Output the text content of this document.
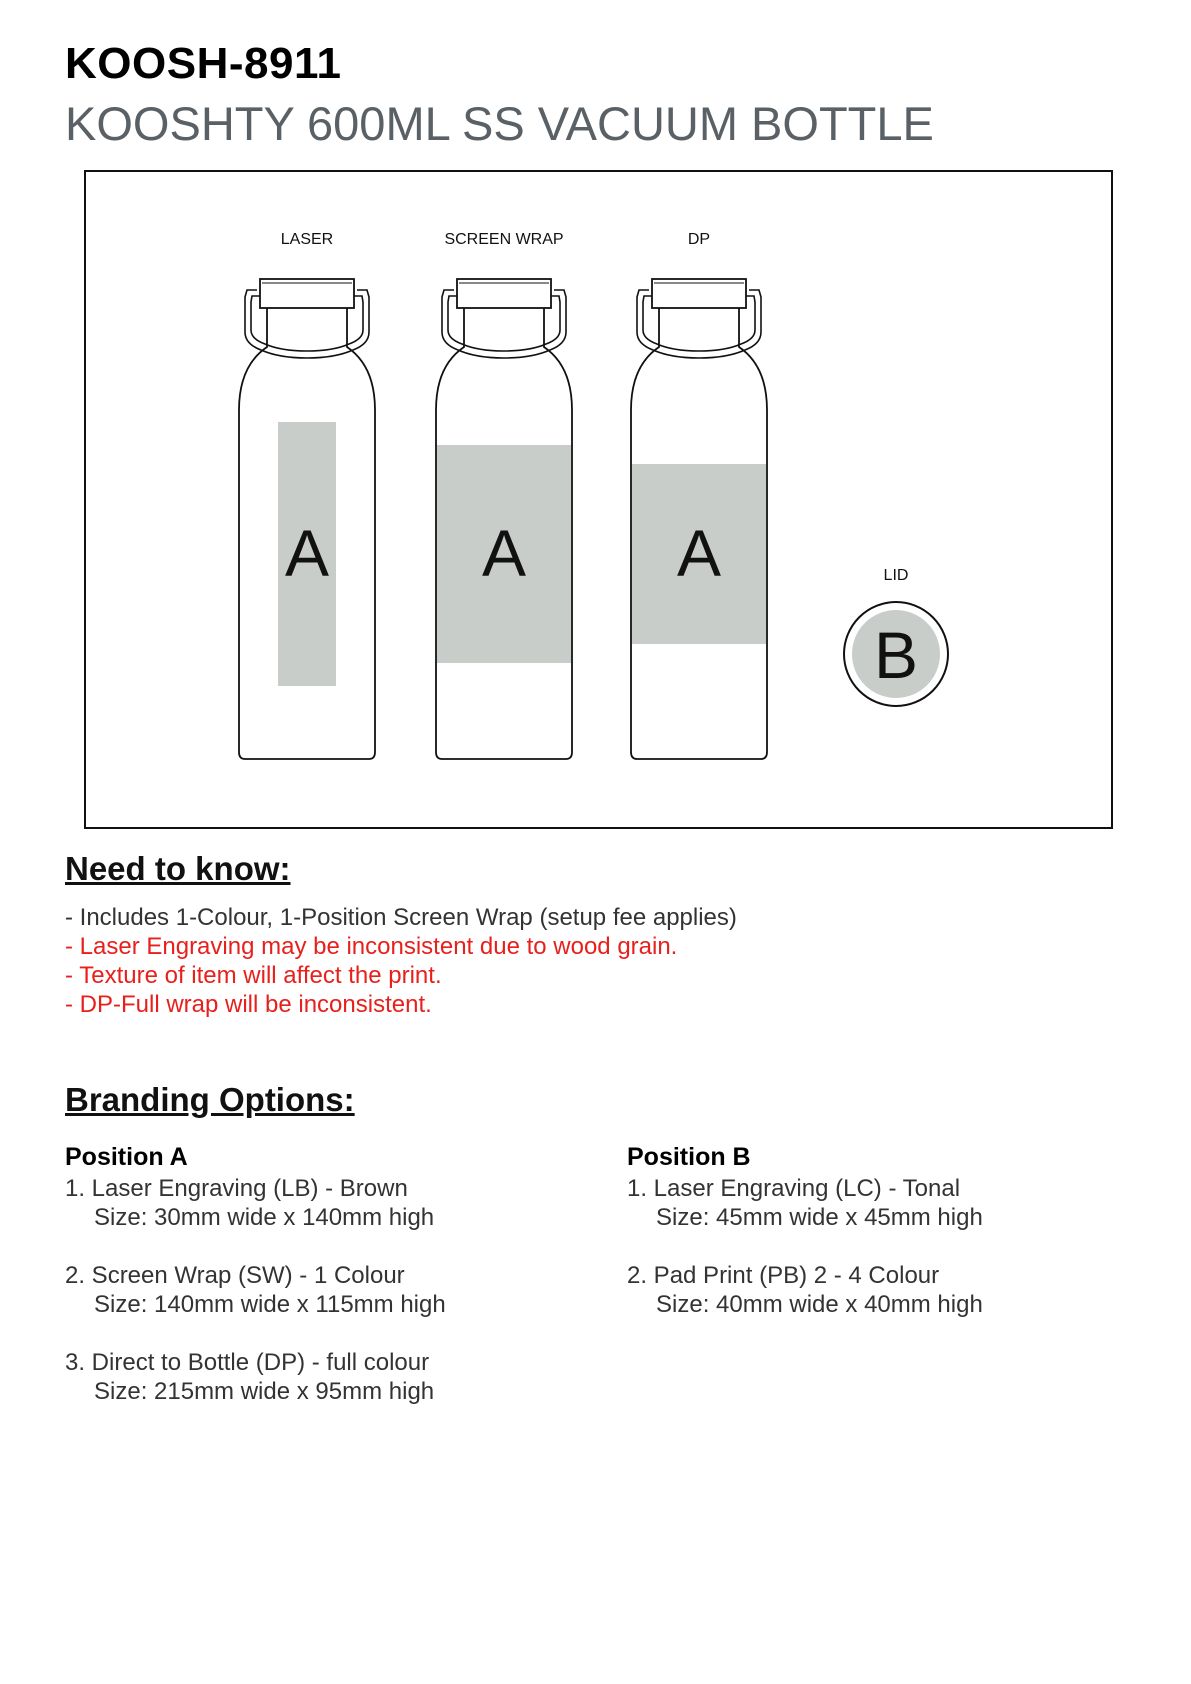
KOOSH-8911
KOOSHTY 600ML SS VACUUM BOTTLE
LASER
A
SCREEN WRAP
A
DP
A	LID
B
Need to know:
- Includes 1-Colour, 1-Position Screen Wrap (setup fee applies)
- Laser Engraving may be inconsistent due to wood grain.
- Texture of item will affect the print.
- DP-Full wrap will be inconsistent.
Branding Options:
Position A
1. Laser Engraving (LB) - Brown
Size: 30mm wide x 140mm high
2. Screen Wrap (SW) - 1 Colour
Size: 140mm wide x 115mm high
3. Direct to Bottle (DP) - full colour
Size: 215mm wide x 95mm high
Position B
1. Laser Engraving (LC) - Tonal
Size: 45mm wide x 45mm high
2. Pad Print (PB) 2 - 4 Colour
Size: 40mm wide x 40mm high
